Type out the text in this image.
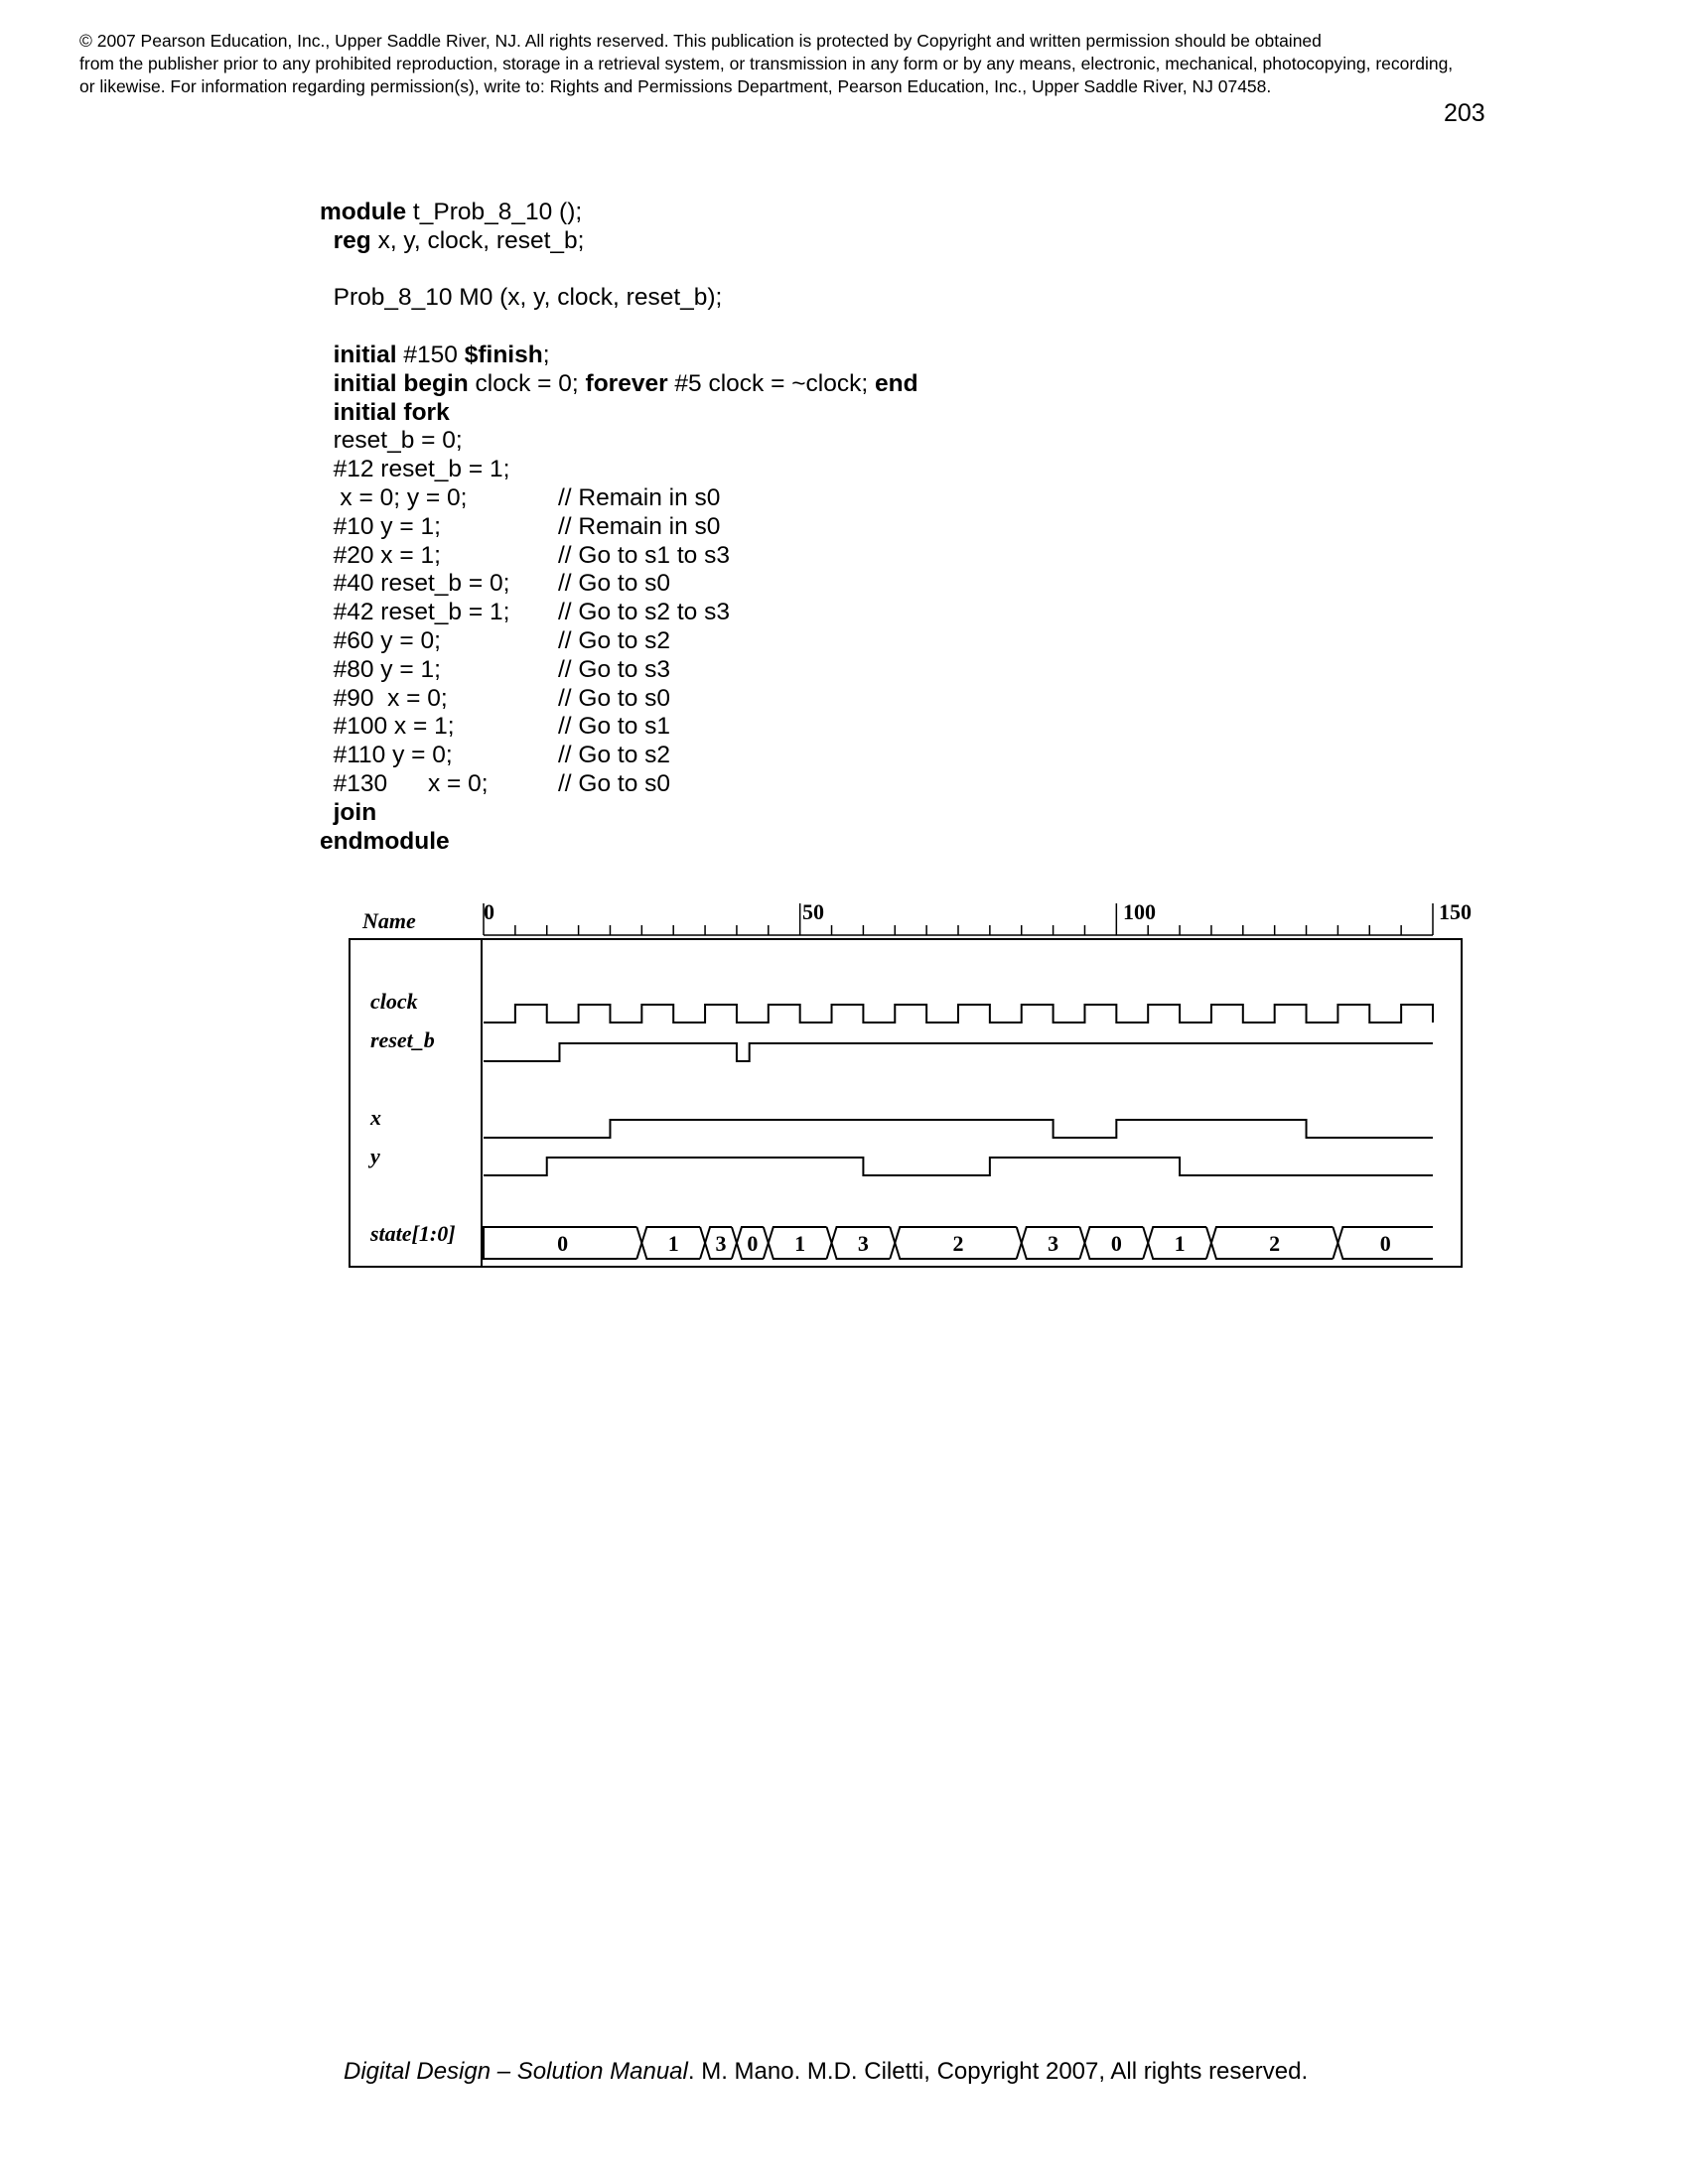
© 2007 Pearson Education, Inc., Upper Saddle River, NJ. All rights reserved. This publication is protected by Copyright and written permission should be obtained
from the publisher prior to any prohibited reproduction, storage in a retrieval system, or transmission in any form or by any means, electronic, mechanical, photocopying, recording,
or likewise. For information regarding permission(s), write to: Rights and Permissions Department, Pearson Education, Inc., Upper Saddle River, NJ 07458.
203
module t_Prob_8_10 ();
reg x, y, clock, reset_b;
Prob_8_10 M0 (x, y, clock, reset_b);
initial #150 $finish;
initial begin clock = 0; forever #5 clock = ~clock; end
initial fork
reset_b = 0;
#12 reset_b = 1;
x = 0; y = 0;	// Remain in s0
#10 y = 1;	// Remain in s0
#20 x = 1;	// Go to s1 to s3
#40 reset_b = 0; // Go to s0
#42 reset_b = 1; // Go to s2 to s3
#60 y = 0;	// Go to s2
#80 y = 1;	// Go to s3
#90  x = 0;	// Go to s0
#100 x = 1;	// Go to s1
#110 y = 0;	// Go to s2
#130      x = 0;	// Go to s0
join
endmodule
Name
clock
reset_b
x
y
state[1:0]
0	50	100	150
0	1 3 0 1 3	2	3 0 1	2	0
Digital Design – Solution Manual. M. Mano. M.D. Ciletti, Copyright 2007, All rights reserved.
